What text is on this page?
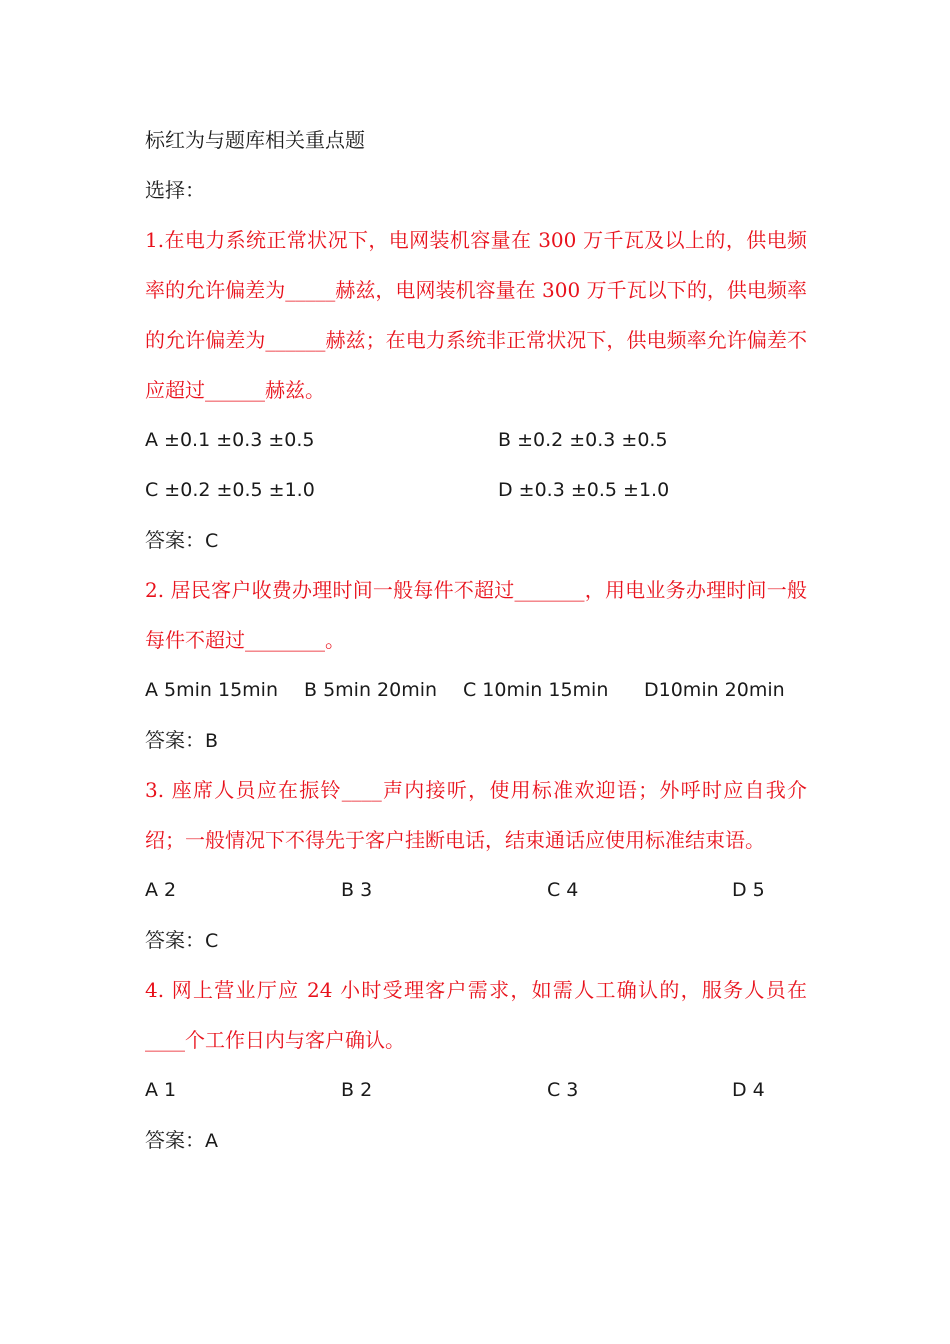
标红为与题库相关重点题
选择：
1.在电力系统正常状况下，电网装机容量在 300 万千瓦及以上的，供电频率的允许偏差为_____赫兹，电网装机容量在 300 万千瓦以下的，供电频率的允许偏差为______赫兹；在电力系统非正常状况下，供电频率允许偏差不应超过______赫兹。
A ±0.1 ±0.3 ±0.5	B ±0.2 ±0.3 ±0.5
C ±0.2 ±0.5 ±1.0	D ±0.3 ±0.5 ±1.0
答案：C
2. 居民客户收费办理时间一般每件不超过_______，用电业务办理时间一般每件不超过________。
A 5min 15min B 5min 20min C 10min 15min D10min 20min
答案：B
3. 座席人员应在振铃____声内接听，使用标准欢迎语；外呼时应自我介绍；一般情况下不得先于客户挂断电话，结束通话应使用标准结束语。
A 2	B 3	C 4	D 5
答案：C
4. 网上营业厅应 24 小时受理客户需求，如需人工确认的，服务人员在____个工作日内与客户确认。
A 1	B 2	C 3	D 4
答案：A
